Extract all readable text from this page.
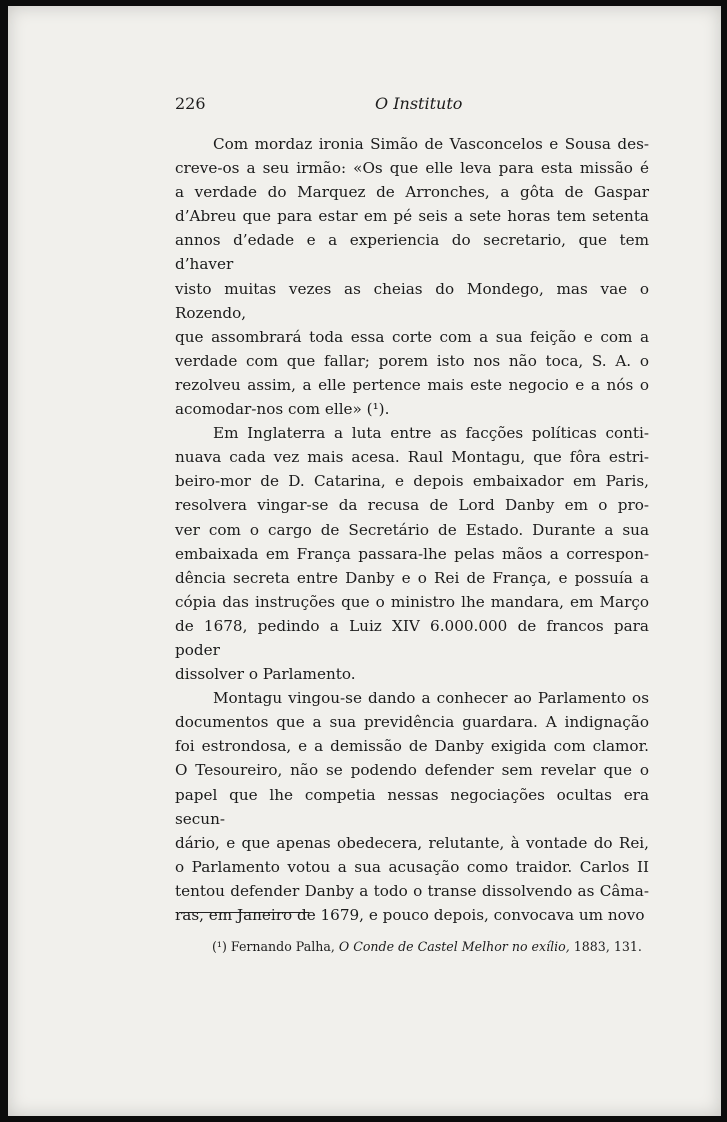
226	O Instituto

Com mordaz ironia Simão de Vasconcelos e Sousa des-
creve-os a seu irmão: «Os que elle leva para esta missão é
a verdade do Marquez de Arronches, a gôta de Gaspar
d’Abreu que para estar em pé seis a sete horas tem setenta
annos d’edade e a experiencia do secretario, que tem d’haver
visto muitas vezes as cheias do Mondego, mas vae o Rozendo,
que assombrará toda essa corte com a sua feição e com a
verdade com que fallar; porem isto nos não toca, S. A. o
rezolveu assim, a elle pertence mais este negocio e a nós o
acomodar-nos com elle» (¹).

Em Inglaterra a luta entre as facções políticas conti-
nuava cada vez mais acesa. Raul Montagu, que fôra estri-
beiro-mor de D. Catarina, e depois embaixador em Paris,
resolvera vingar-se da recusa de Lord Danby em o pro-
ver com o cargo de Secretário de Estado. Durante a sua
embaixada em França passara-lhe pelas mãos a correspon-
dência secreta entre Danby e o Rei de França, e possuía a
cópia das instruções que o ministro lhe mandara, em Março
de 1678, pedindo a Luiz XIV 6.000.000 de francos para poder
dissolver o Parlamento.

Montagu vingou-se dando a conhecer ao Parlamento os
documentos que a sua previdência guardara. A indignação
foi estrondosa, e a demissão de Danby exigida com clamor.
O Tesoureiro, não se podendo defender sem revelar que o
papel que lhe competia nessas negociações ocultas era secun-
dário, e que apenas obedecera, relutante, à vontade do Rei,
o Parlamento votou a sua acusação como traidor. Carlos II
tentou defender Danby a todo o transe dissolvendo as Câma-
ras, em Janeiro de 1679, e pouco depois, convocava um novo

(¹) Fernando Palha, O Conde de Castel Melhor no exílio, 1883, 131.
